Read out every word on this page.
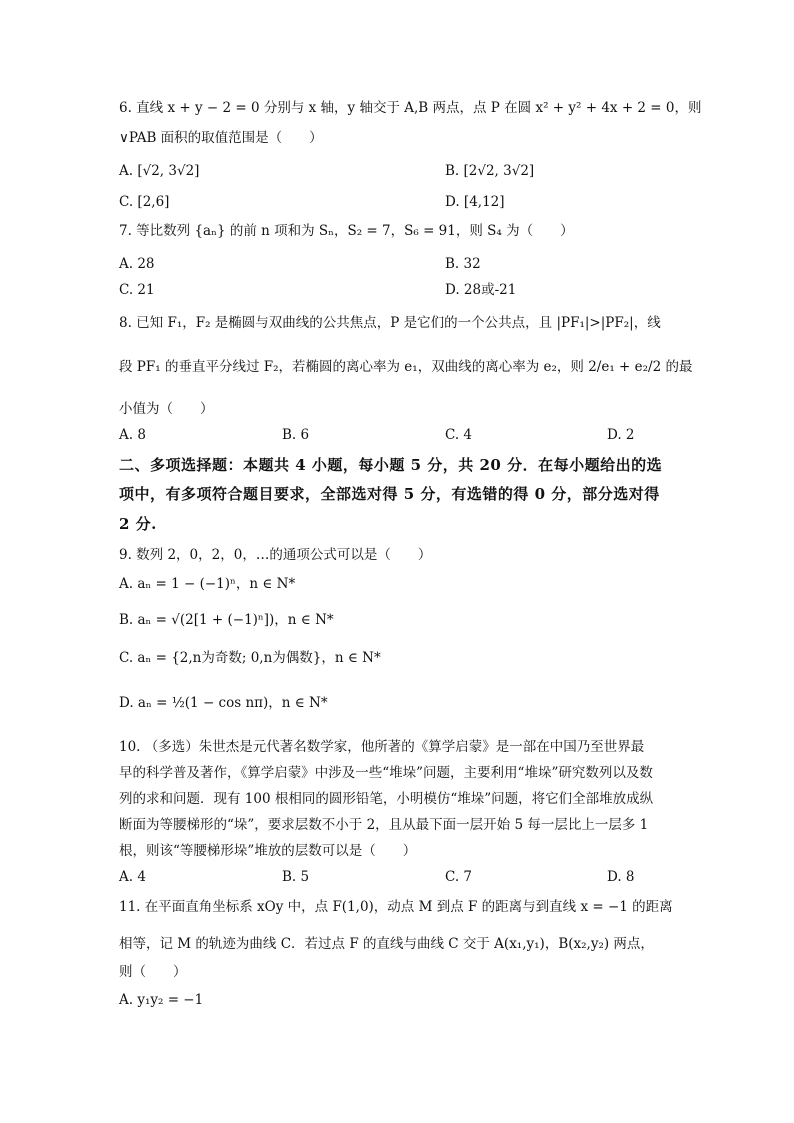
6. 直线 x + y − 2 = 0 分别与 x 轴，y 轴交于 A,B 两点，点 P 在圆 x² + y² + 4x + 2 = 0，则
∨PAB 面积的取值范围是（　　）
A. [√2, 3√2]	B. [2√2, 3√2]
C. [2,6]	D. [4,12]
7. 等比数列 {aₙ} 的前 n 项和为 Sₙ，S₂ = 7，S₆ = 91，则 S₄ 为（　　）
A. 28	B. 32
C. 21	D. 28或-21
8. 已知 F₁，F₂ 是椭圆与双曲线的公共焦点，P 是它们的一个公共点，且 |PF₁|>|PF₂|，线
段 PF₁ 的垂直平分线过 F₂，若椭圆的离心率为 e₁，双曲线的离心率为 e₂，则 2/e₁ + e₂/2 的最
小值为（　　）
A. 8	B. 6	C. 4	D. 2
二、多项选择题：本题共 4 小题，每小题 5 分，共 20 分．在每小题给出的选
项中，有多项符合题目要求，全部选对得 5 分，有选错的得 0 分，部分选对得
2 分.
9. 数列 2，0，2，0，…的通项公式可以是（　　）
A. aₙ = 1 − (−1)ⁿ，n ∈ N*
B. aₙ = √(2[1 + (−1)ⁿ])，n ∈ N*
C. aₙ = {2,n为奇数; 0,n为偶数}，n ∈ N*
D. aₙ = ½(1 − cos nπ)，n ∈ N*
10. （多选）朱世杰是元代著名数学家，他所著的《算学启蒙》是一部在中国乃至世界最
早的科学普及著作，《算学启蒙》中涉及一些“堆垛”问题，主要利用“堆垛”研究数列以及数
列的求和问题．现有 100 根相同的圆形铅笔，小明模仿“堆垛”问题，将它们全部堆放成纵
断面为等腰梯形的“垛”，要求层数不小于 2，且从最下面一层开始 5 每一层比上一层多 1
根，则该“等腰梯形垛”堆放的层数可以是（　　）
A. 4	B. 5	C. 7	D. 8
11. 在平面直角坐标系 xOy 中，点 F(1,0)，动点 M 到点 F 的距离与到直线 x = −1 的距离
相等，记 M 的轨迹为曲线 C．若过点 F 的直线与曲线 C 交于 A(x₁,y₁)，B(x₂,y₂) 两点，
则（　　）
A. y₁y₂ = −1
